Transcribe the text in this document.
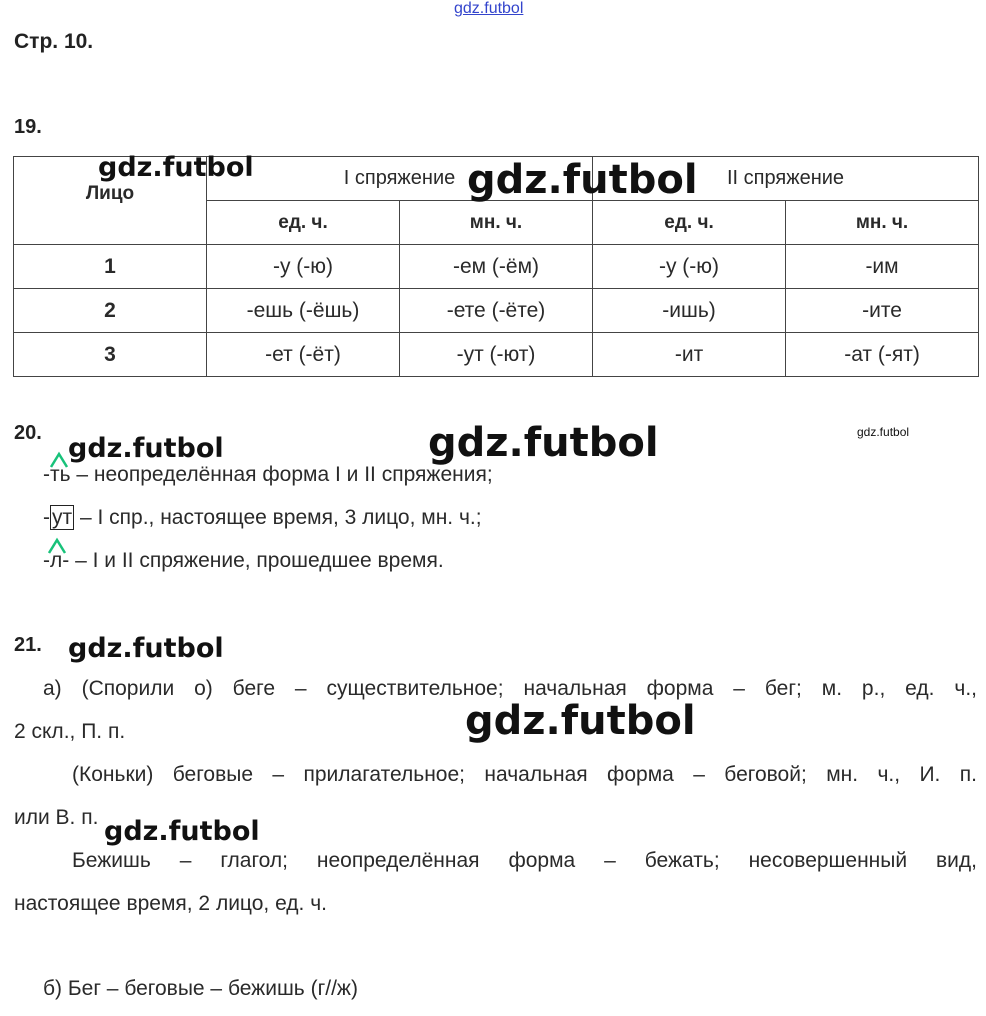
gdz.futbol
Стр. 10.
19.
Лицо	I спряжение		II спряжение	
	ед. ч.	мн. ч.	ед. ч.	мн. ч.
1	-у (-ю)	-ем (-ём)	-у (-ю)	-им
2	-ешь (-ёшь)	-ете (-ёте)	-ишь)	-ите
3	-ет (-ёт)	-ут (-ют)	-ит	-ат (-ят)
gdz.futbol	gdz.futbol
20. gdz.futbol	gdz.futbol	gdz.futbol
-ть – неопределённая форма I и II спряжения;
-ут – I спр., настоящее время, 3 лицо, мн. ч.;
-л- – I и II спряжение, прошедшее время.
21. gdz.futbol
а) (Спорили о) беге – существительное; начальная форма – бег; м. р., ед. ч.,
2 скл., П. п.	gdz.futbol
(Коньки) беговые – прилагательное; начальная форма – беговой; мн. ч., И. п.
или В. п. gdz.futbol
Бежишь – глагол; неопределённая форма – бежать; несовершенный вид,
настоящее время, 2 лицо, ед. ч.
б) Бег – беговые – бежишь (г//ж)
